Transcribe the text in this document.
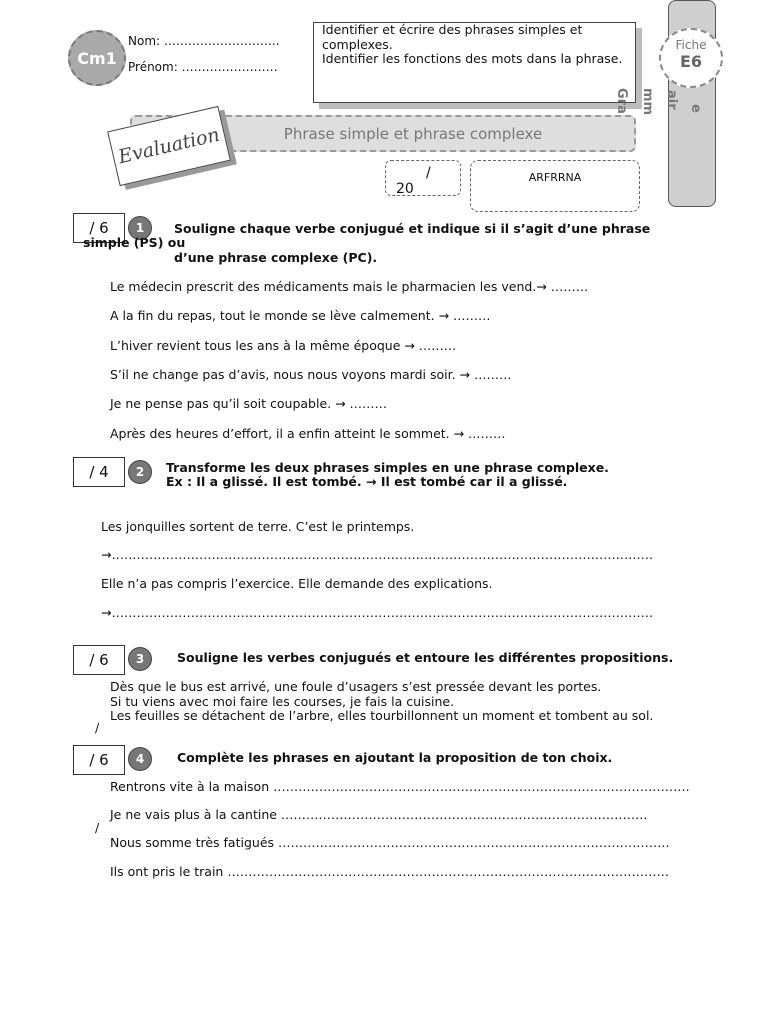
Cm1
Nom: ………………………..
Prénom: ……………………
Identifier et écrire des phrases simples et complexes.
Identifier les fonctions des mots dans la phrase.
Gra mm air e
Fiche
E6
Phrase simple et phrase complexe
Evaluation
/
20
ARFRRNA
/ 6	1	Souligne chaque verbe conjugué et indique si il s’agit d’une phrase
simple (PS) ou
d’une phrase complexe (PC).
Le médecin prescrit des médicaments mais le pharmacien les vend.→ ………
A la fin du repas, tout le monde se lève calmement. → ………
L’hiver revient tous les ans à la même époque → ………
S’il ne change pas d’avis, nous nous voyons mardi soir. → ………
Je ne pense pas qu’il soit coupable. → ………
Après des heures d’effort, il a enfin atteint le sommet. → ………
/ 4	2	Transforme les deux phrases simples en une phrase complexe.
Ex : Il a glissé. Il est tombé. → Il est tombé car il a glissé.
Les jonquilles sortent de terre. C’est le printemps.
→………………………………………………………………………………………………………………….
Elle n’a pas compris l’exercice. Elle demande des explications.
→………………………………………………………………………………………………………………….
/ 6	3	Souligne les verbes conjugués et entoure les différentes propositions.
Dès que le bus est arrivé, une foule d’usagers s’est pressée devant les portes.
Si tu viens avec moi faire les courses, je fais la cuisine.
Les feuilles se détachent de l’arbre, elles tourbillonnent un moment et tombent au sol.
/
/ 6	4	Complète les phrases en ajoutant la proposition de ton choix.
Rentrons vite à la maison ……………………………………………………………………………………….
Je ne vais plus à la cantine …………………………………………………………………………….
/
Nous somme très fatigués ………………………………………………………………………………….
Ils ont pris le train …………………………………………………………………………………………….
